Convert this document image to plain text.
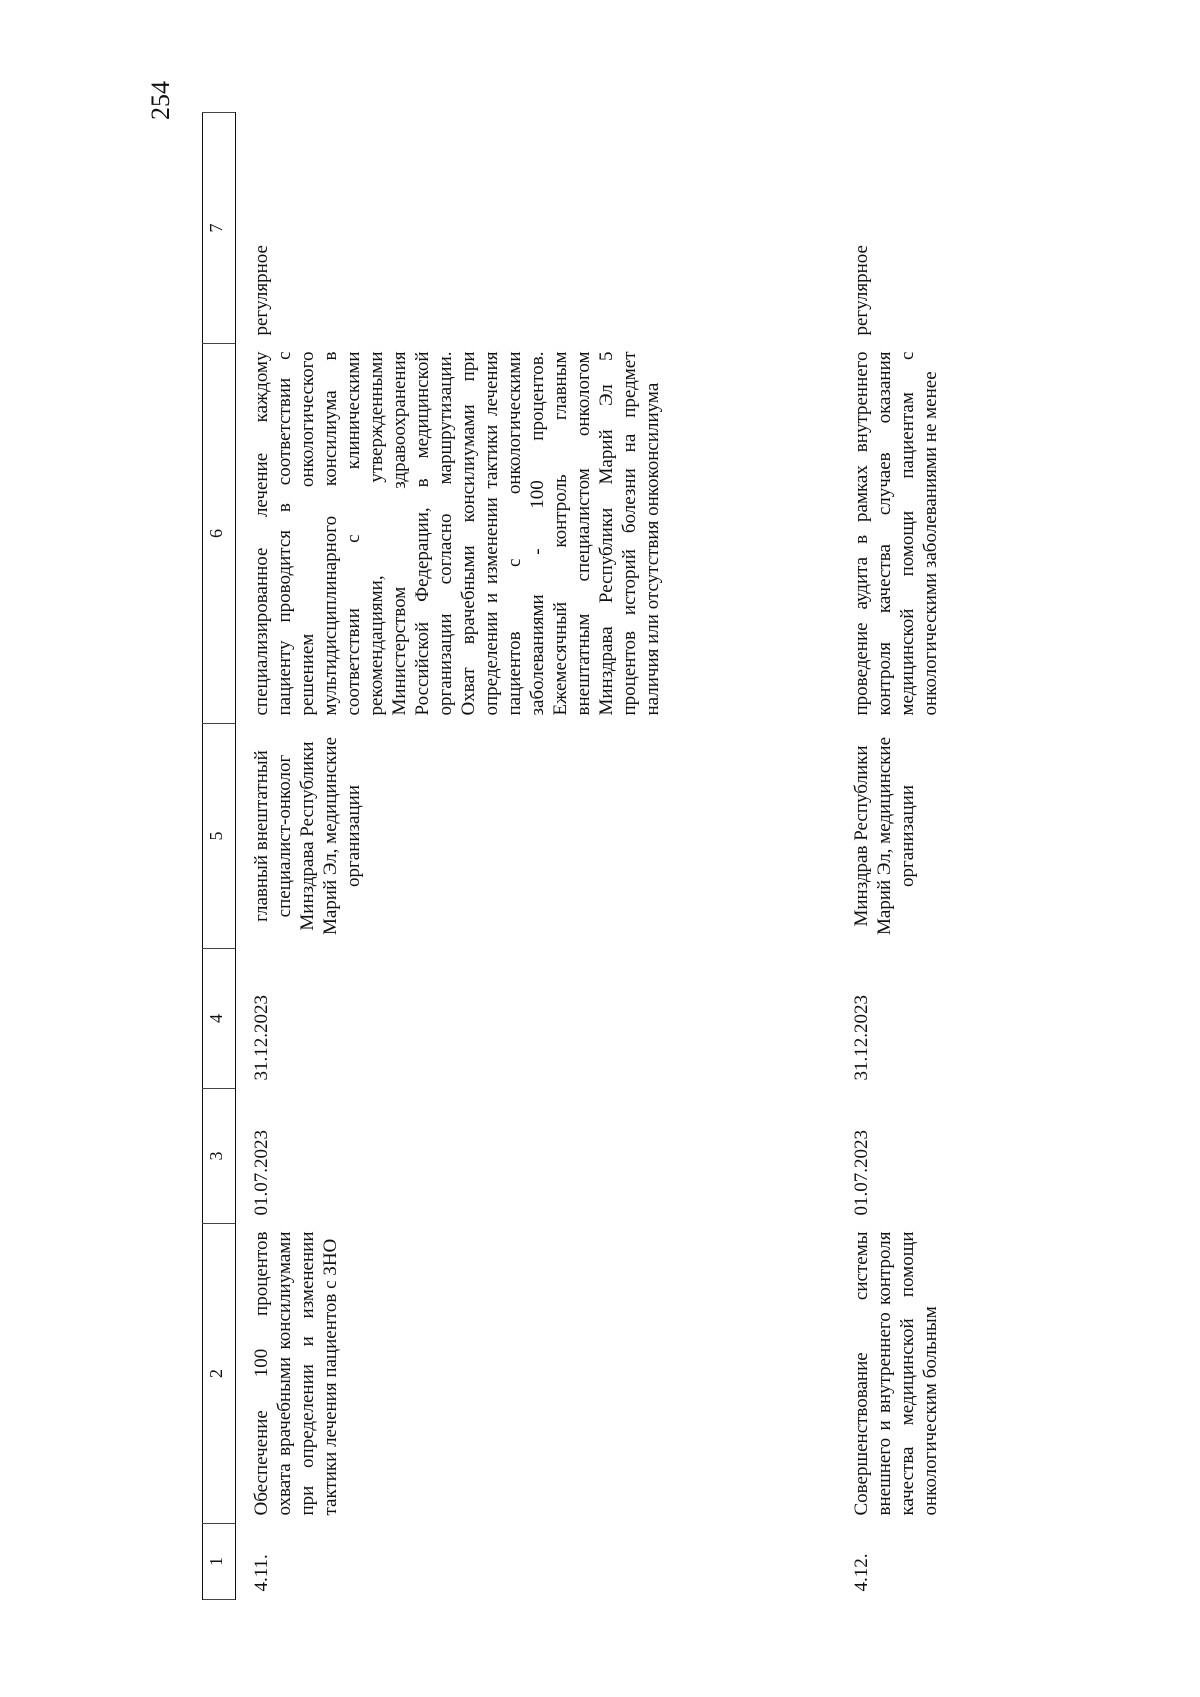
254
1	2	3	4	5	6	7
4.11.	Обеспечение 100 процентов охвата врачебными консилиумами при определении и изменении тактики лечения пациентов с ЗНО	01.07.2023	31.12.2023	главный внештатный специалист-онколог Минздрава Республики Марий Эл, медицинские организации	специализированное лечение каждому пациенту проводится в соответствии с решением онкологического мультидисциплинарного консилиума в соответствии с клиническими рекомендациями, утвержденными Министерством здравоохранения Российской Федерации, в медицинской организации согласно маршрутизации. Охват врачебными консилиумами при определении и изменении тактики лечения пациентов с онкологическими заболеваниями - 100 процентов. Ежемесячный контроль главным внештатным специалистом онкологом Минздрава Республики Марий Эл 5 процентов историй болезни на предмет наличия или отсутствия онкоконсилиума	регулярное
4.12.	Совершенствование системы внешнего и внутреннего контроля качества медицинской помощи онкологическим больным	01.07.2023	31.12.2023	Минздрав Республики Марий Эл, медицинские организации	проведение аудита в рамках внутреннего контроля качества случаев оказания медицинской помощи пациентам с онкологическими заболеваниями не менее	регулярное
